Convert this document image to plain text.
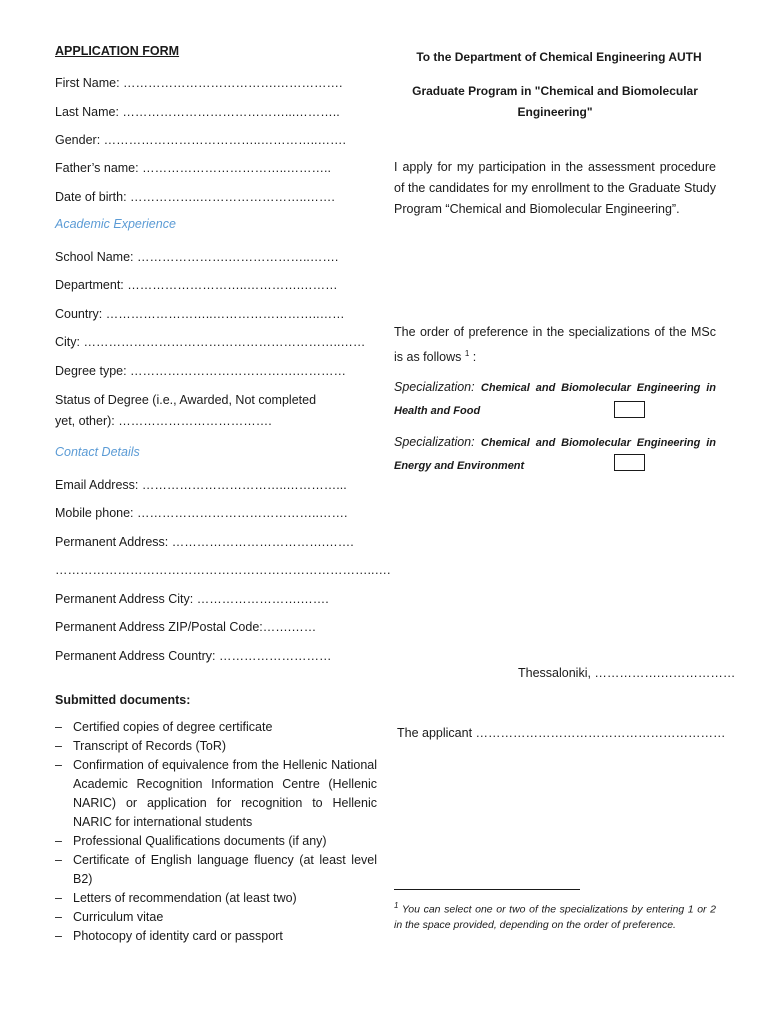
APPLICATION FORM
First Name: ……………………………….…………….
Last Name: …………………………………...………..
Gender: ………………………………..…………..…….
Father’s name: ……………………………..………..
Date of birth: ……………..……………………..…….
Academic Experience
School Name: ………………….………………..…….
Department: ………………………..………….………
Country: ……………………..……………………..……
City: ……………………………………………………..……
Degree type: ………………………………….…………
Status of Degree (i.e., Awarded, Not completed yet, other): ……………………………….
Contact Details
Email Address: ……………………………..…………...
Mobile phone: ……………………………………..…….
Permanent Address: ……………………………….…….
…………………………………………………………………..….
Permanent Address City: …………………….…….
Permanent Address ZIP/Postal Code:…….……
Permanent Address Country: ………………………
Submitted documents:
– Certified copies of degree certificate
– Transcript of Records (ToR)
– Confirmation of equivalence from the Hellenic National Academic Recognition Information Centre (Hellenic NARIC) or application for recognition to Hellenic NARIC for international students
– Professional Qualifications documents (if any)
– Certificate of English language fluency (at least level B2)
– Letters of recommendation (at least two)
– Curriculum vitae
– Photocopy of identity card or passport
To the Department of Chemical Engineering AUTH
Graduate Program in "Chemical and Biomolecular
Engineering"
I apply for my participation in the assessment procedure of the candidates for my enrollment to the Graduate Study Program “Chemical and Biomolecular Engineering”.
The order of preference in the specializations of the MSc is as follows $^1$ :
Specialization: Chemical and Biomolecular Engineering in Health and Food
Specialization: Chemical and Biomolecular Engineering in Energy and Environment
Thessaloniki, …………….………………
The applicant ……………………………………………………
$^1$ You can select one or two of the specializations by entering 1 or 2 in the space provided, depending on the order of preference.
